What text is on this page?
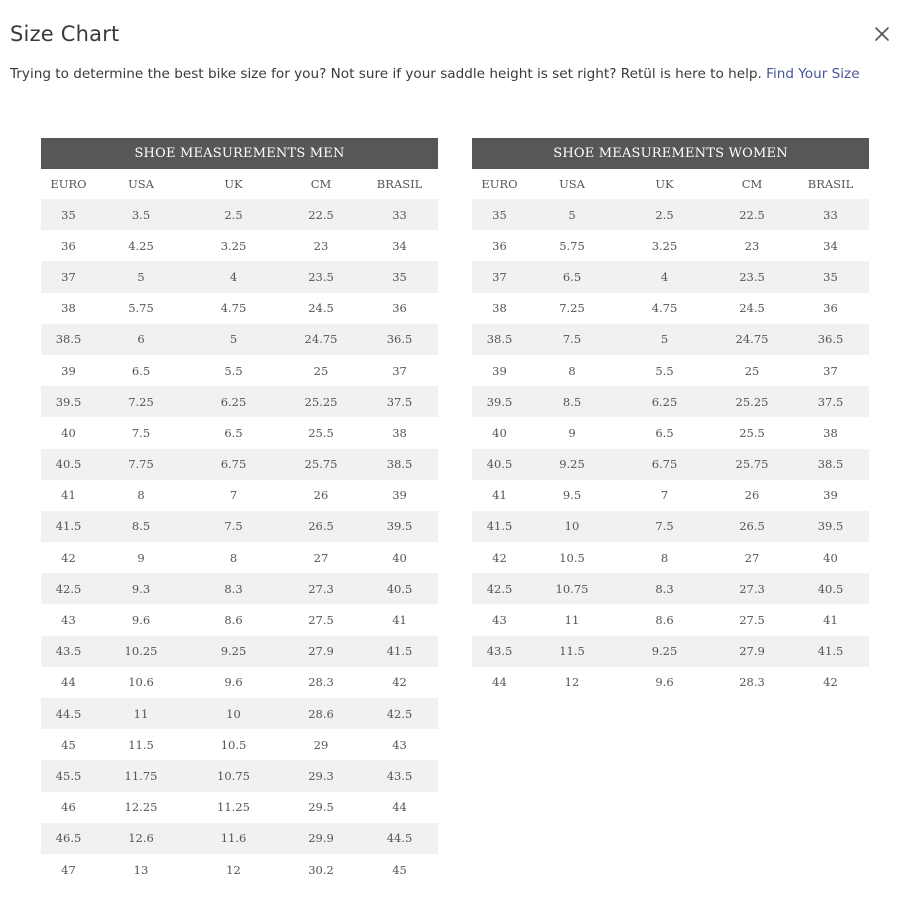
Size Chart

Trying to determine the best bike size for you? Not sure if your saddle height is set right? Retül is here to help. Find Your Size

SHOE MEASUREMENTS MEN				
EURO	USA	UK	CM	BRASIL
35	3.5	2.5	22.5	33
36	4.25	3.25	23	34
37	5	4	23.5	35
38	5.75	4.75	24.5	36
38.5	6	5	24.75	36.5
39	6.5	5.5	25	37
39.5	7.25	6.25	25.25	37.5
40	7.5	6.5	25.5	38
40.5	7.75	6.75	25.75	38.5
41	8	7	26	39
41.5	8.5	7.5	26.5	39.5
42	9	8	27	40
42.5	9.3	8.3	27.3	40.5
43	9.6	8.6	27.5	41
43.5	10.25	9.25	27.9	41.5
44	10.6	9.6	28.3	42
44.5	11	10	28.6	42.5
45	11.5	10.5	29	43
45.5	11.75	10.75	29.3	43.5
46	12.25	11.25	29.5	44
46.5	12.6	11.6	29.9	44.5
47	13	12	30.2	45
SHOE MEASUREMENTS WOMEN				
EURO	USA	UK	CM	BRASIL
35	5	2.5	22.5	33
36	5.75	3.25	23	34
37	6.5	4	23.5	35
38	7.25	4.75	24.5	36
38.5	7.5	5	24.75	36.5
39	8	5.5	25	37
39.5	8.5	6.25	25.25	37.5
40	9	6.5	25.5	38
40.5	9.25	6.75	25.75	38.5
41	9.5	7	26	39
41.5	10	7.5	26.5	39.5
42	10.5	8	27	40
42.5	10.75	8.3	27.3	40.5
43	11	8.6	27.5	41
43.5	11.5	9.25	27.9	41.5
44	12	9.6	28.3	42
